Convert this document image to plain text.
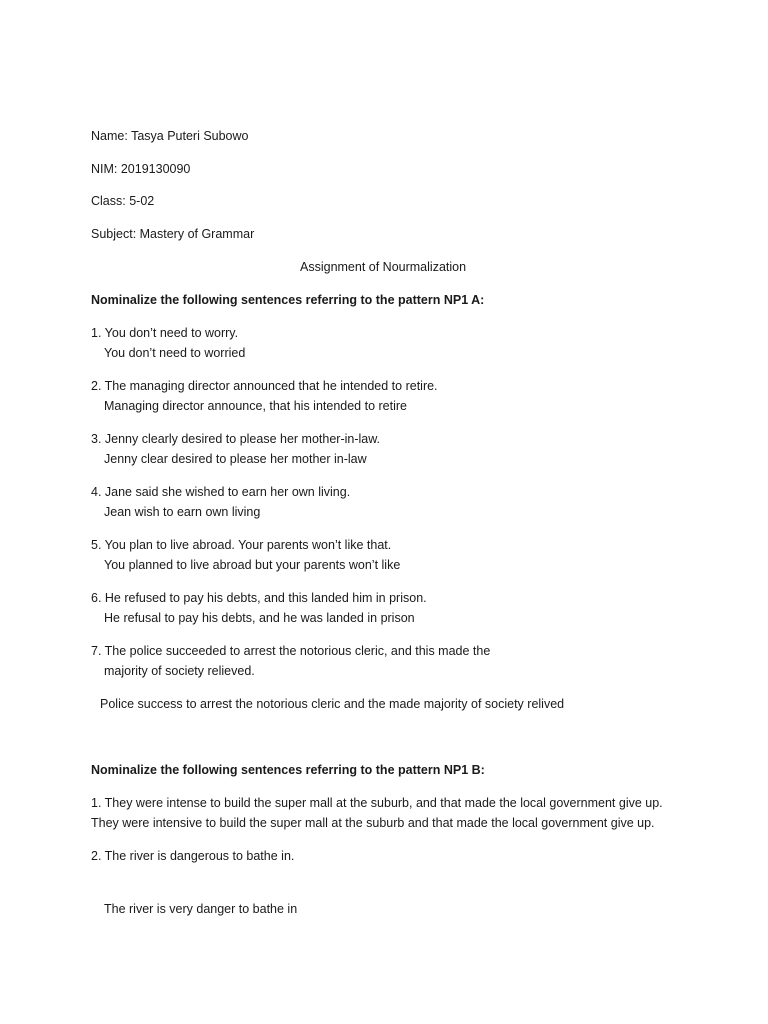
Name: Tasya Puteri Subowo
NIM: 2019130090
Class: 5-02
Subject: Mastery of Grammar
Assignment of Nourmalization
Nominalize the following sentences referring to the pattern NP1 A:
1. You don’t need to worry.
You don’t need to worried
2. The managing director announced that he intended to retire.
Managing director announce, that his intended to retire
3. Jenny clearly desired to please her mother-in-law.
Jenny clear desired to please her mother in-law
4. Jane said she wished to earn her own living.
Jean wish to earn own living
5. You plan to live abroad. Your parents won’t like that.
You planned to live abroad but your parents won’t like
6. He refused to pay his debts, and this landed him in prison.
He refusal to pay his debts, and he was landed in prison
7. The police succeeded to arrest the notorious cleric, and this made the
majority of society relieved.
Police success to arrest the notorious cleric and the made majority of society relived
Nominalize the following sentences referring to the pattern NP1 B:
1. They were intense to build the super mall at the suburb, and that made the local government give up.
They were intensive to build the super mall at the suburb and that made the local government give up.
2. The river is dangerous to bathe in.
The river is very danger to bathe in
